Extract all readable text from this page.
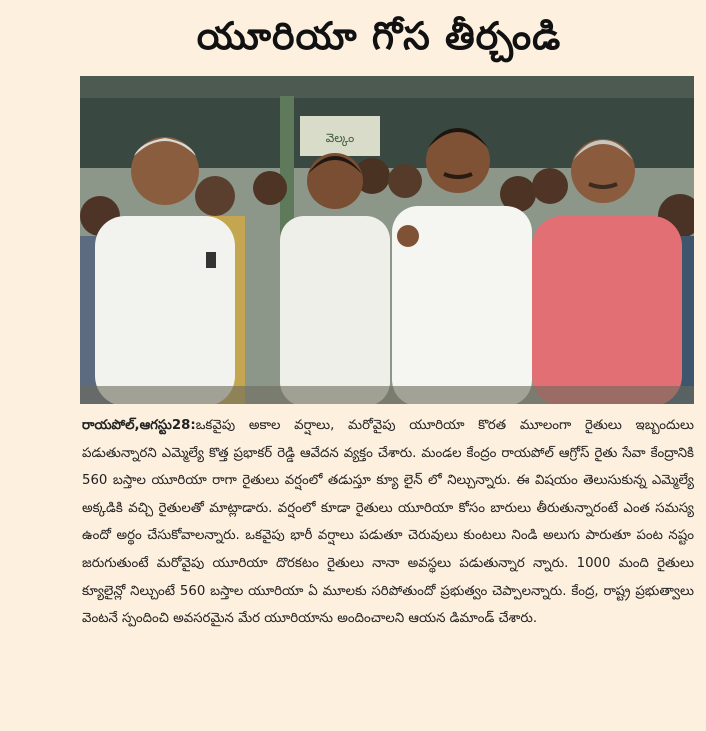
యూరియా గోస తీర్చండి
వెల్కం
రాయపోల్,ఆగస్టు28:ఒకవైపు అకాల వర్షాలు, మరోవైపు యూరియా కొరత మూలంగా రైతులు ఇబ్బందులు పడుతున్నారని ఎమ్మెల్యే కొత్త ప్రభాకర్ రెడ్డి ఆవేదన వ్యక్తం చేశారు. మండల కేంద్రం రాయపోల్ ఆగ్రోస్ రైతు సేవా కేంద్రానికి 560 బస్తాల యూరియా రాగా రైతులు వర్షంలో తడుస్తూ క్యూ లైన్ లో నిల్చున్నారు. ఈ విషయం తెలుసుకున్న ఎమ్మెల్యే అక్కడికి వచ్చి రైతులతో మాట్లాడారు. వర్షంలో కూడా రైతులు యూరియా కోసం బారులు తీరుతున్నారంటే ఎంత సమస్య ఉందో అర్థం చేసుకోవాలన్నారు. ఒకవైపు భారీ వర్షాలు పడుతూ చెరువులు కుంటలు నిండి అలుగు పారుతూ పంట నష్టం జరుగుతుంటే మరోవైపు యూరియా దొరకటం రైతులు నానా అవస్థలు పడుతున్నార న్నారు. 1000 మంది రైతులు క్యూలైన్లో నిల్చుంటే 560 బస్తాల యూరియా ఏ మూలకు సరిపోతుందో ప్రభుత్వం చెప్పాలన్నారు. కేంద్ర, రాష్ట్ర ప్రభుత్వాలు వెంటనే స్పందించి అవసరమైన మేర యూరియాను అందించాలని ఆయన డిమాండ్ చేశారు.
